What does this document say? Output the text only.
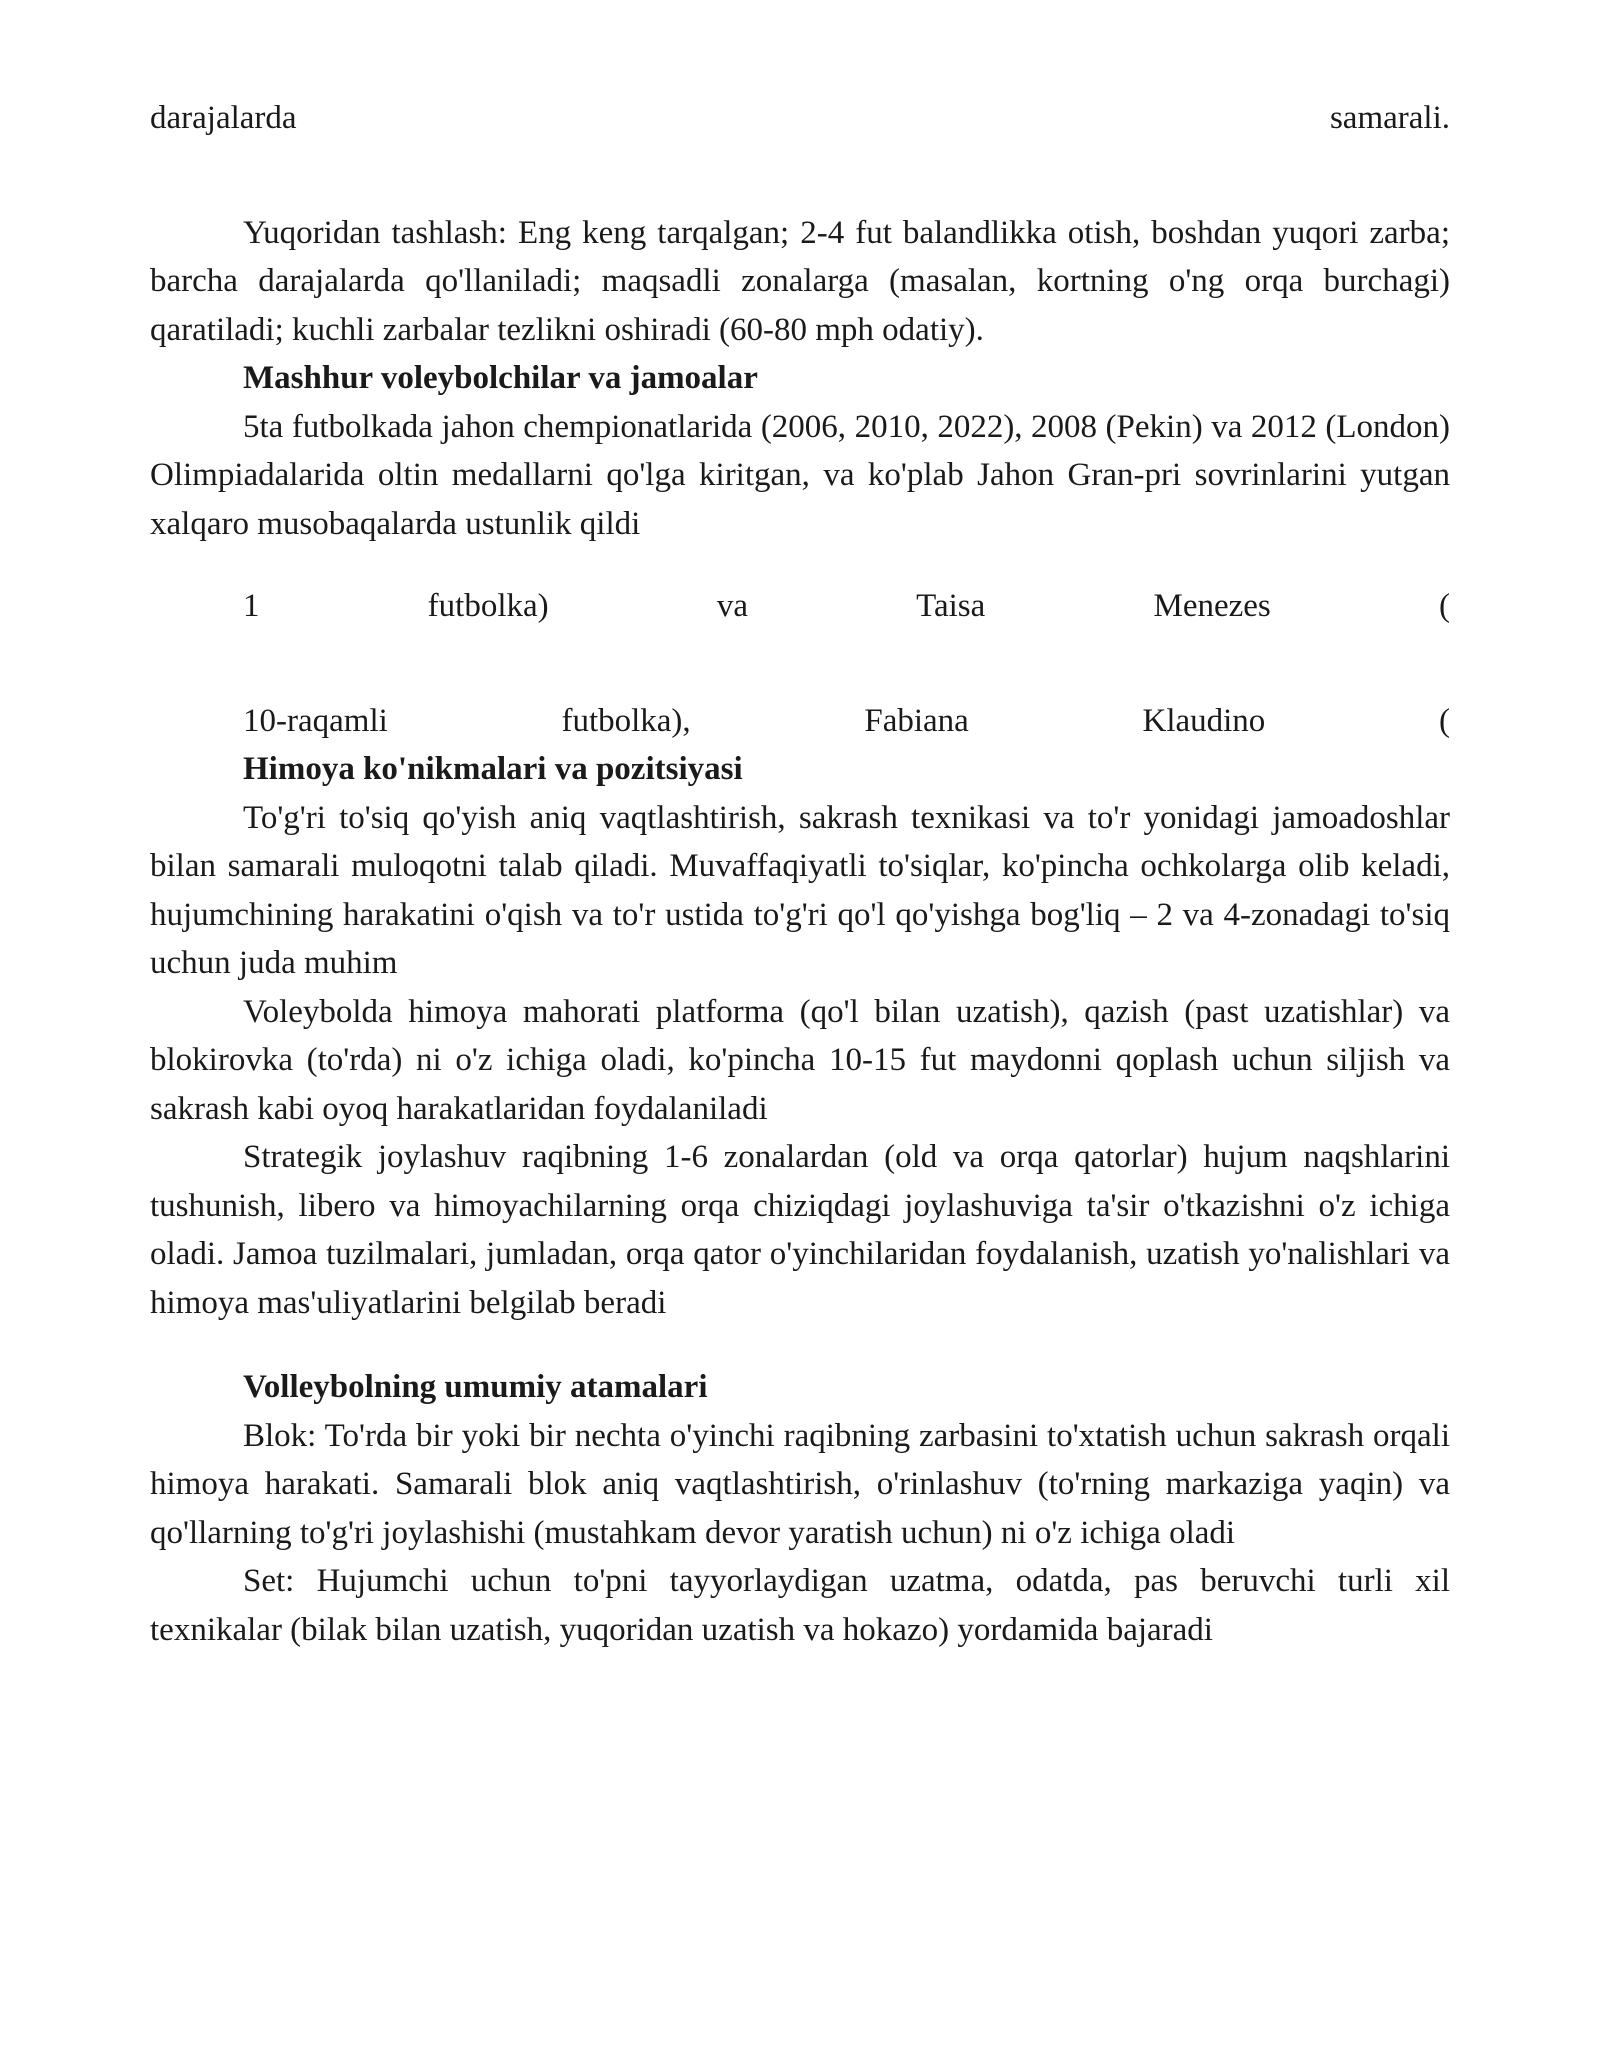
darajalarda	samarali.

Yuqoridan tashlash: Eng keng tarqalgan; 2-4 fut balandlikka otish, boshdan yuqori zarba; barcha darajalarda qo'llaniladi; maqsadli zonalarga (masalan, kortning o'ng orqa burchagi) qaratiladi; kuchli zarbalar tezlikni oshiradi (60-80 mph odatiy).

Mashhur voleybolchilar va jamoalar

5ta futbolkada jahon chempionatlarida (2006, 2010, 2022), 2008 (Pekin) va 2012 (London) Olimpiadalarida oltin medallarni qo'lga kiritgan, va ko'plab Jahon Gran-pri sovrinlarini yutgan xalqaro musobaqalarda ustunlik qildi

1	futbolka)	va	Taisa	Menezes	(
10-raqamli	futbolka),	Fabiana	Klaudino	(
Himoya ko'nikmalari va pozitsiyasi

To'g'ri to'siq qo'yish aniq vaqtlashtirish, sakrash texnikasi va to'r yonidagi jamoadoshlar bilan samarali muloqotni talab qiladi. Muvaffaqiyatli to'siqlar, ko'pincha ochkolarga olib keladi, hujumchining harakatini o'qish va to'r ustida to'g'ri qo'l qo'yishga bog'liq – 2 va 4-zonadagi to'siq uchun juda muhim

Voleybolda himoya mahorati platforma (qo'l bilan uzatish), qazish (past uzatishlar) va blokirovka (to'rda) ni o'z ichiga oladi, ko'pincha 10-15 fut maydonni qoplash uchun siljish va sakrash kabi oyoq harakatlaridan foydalaniladi

Strategik joylashuv raqibning 1-6 zonalardan (old va orqa qatorlar) hujum naqshlarini tushunish, libero va himoyachilarning orqa chiziqdagi joylashuviga ta'sir o'tkazishni o'z ichiga oladi. Jamoa tuzilmalari, jumladan, orqa qator o'yinchilaridan foydalanish, uzatish yo'nalishlari va himoya mas'uliyatlarini belgilab beradi

Volleybolning umumiy atamalari

Blok: To'rda bir yoki bir nechta o'yinchi raqibning zarbasini to'xtatish uchun sakrash orqali himoya harakati. Samarali blok aniq vaqtlashtirish, o'rinlashuv (to'rning markaziga yaqin) va qo'llarning to'g'ri joylashishi (mustahkam devor yaratish uchun) ni o'z ichiga oladi

Set: Hujumchi uchun to'pni tayyorlaydigan uzatma, odatda, pas beruvchi turli xil texnikalar (bilak bilan uzatish, yuqoridan uzatish va hokazo) yordamida bajaradi
